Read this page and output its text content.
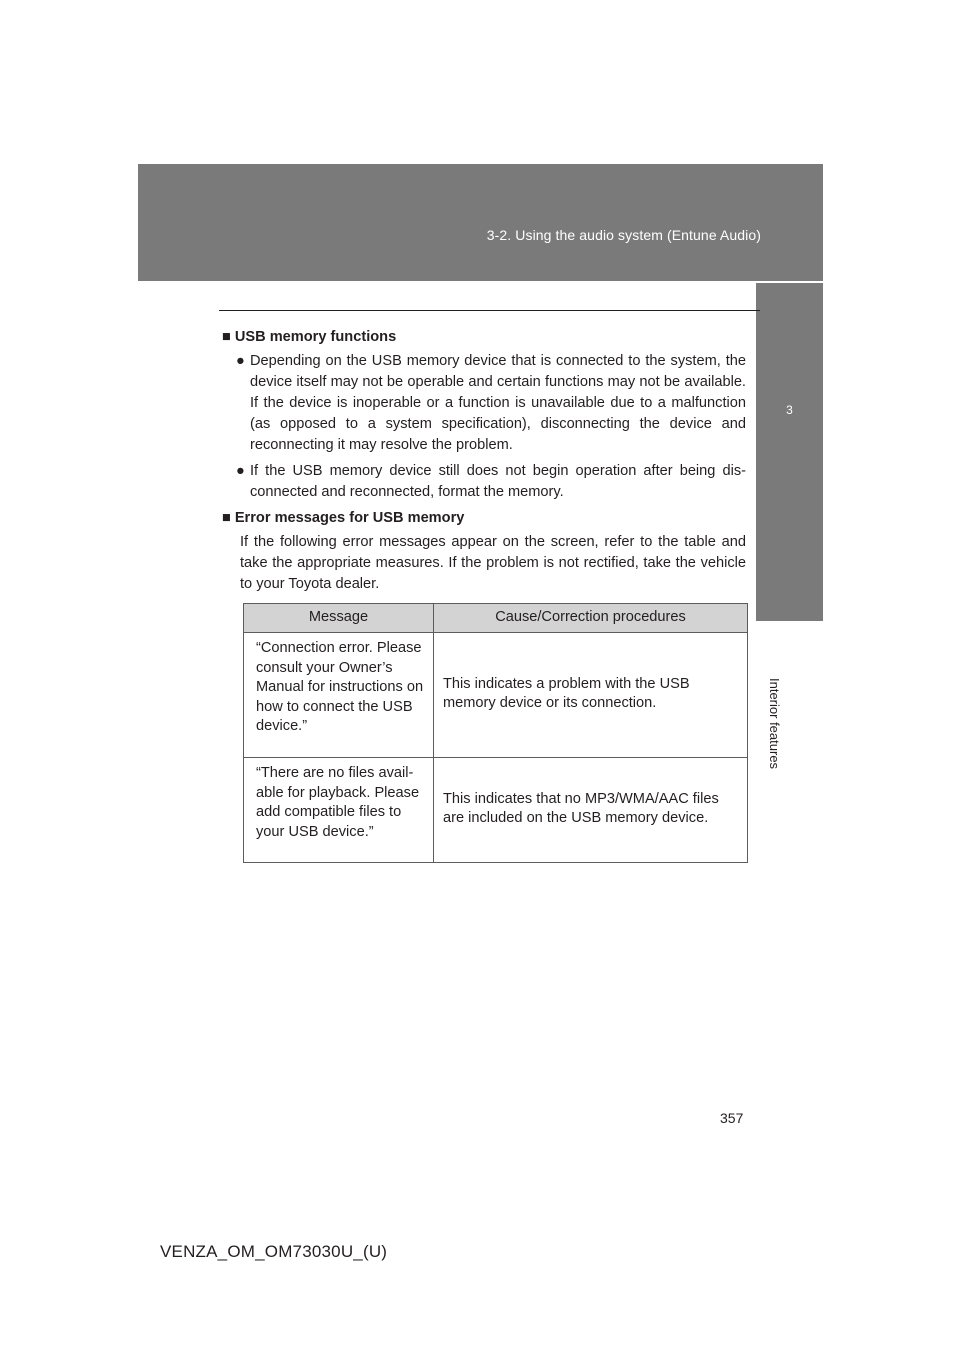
3-2. Using the audio system (Entune Audio)
3
Interior features

■ USB memory functions

● Depending on the USB memory device that is connected to the system, the device itself may not be operable and certain functions may not be available. If the device is inoperable or a function is unavailable due to a malfunction (as opposed to a system specification), disconnecting the device and reconnecting it may resolve the problem.

● If the USB memory device still does not begin operation after being disconnected and reconnected, format the memory.

■ Error messages for USB memory

If the following error messages appear on the screen, refer to the table and take the appropriate measures. If the problem is not rectified, take the vehicle to your Toyota dealer.

Message	Cause/Correction procedures
“Connection error. Please consult your Owner’s Manual for instructions on how to connect the USB device.”	This indicates a problem with the USB memory device or its connection.
“There are no files available for playback. Please add compatible files to your USB device.”	This indicates that no MP3/WMA/AAC files are included on the USB memory device.
357
VENZA_OM_OM73030U_(U)
